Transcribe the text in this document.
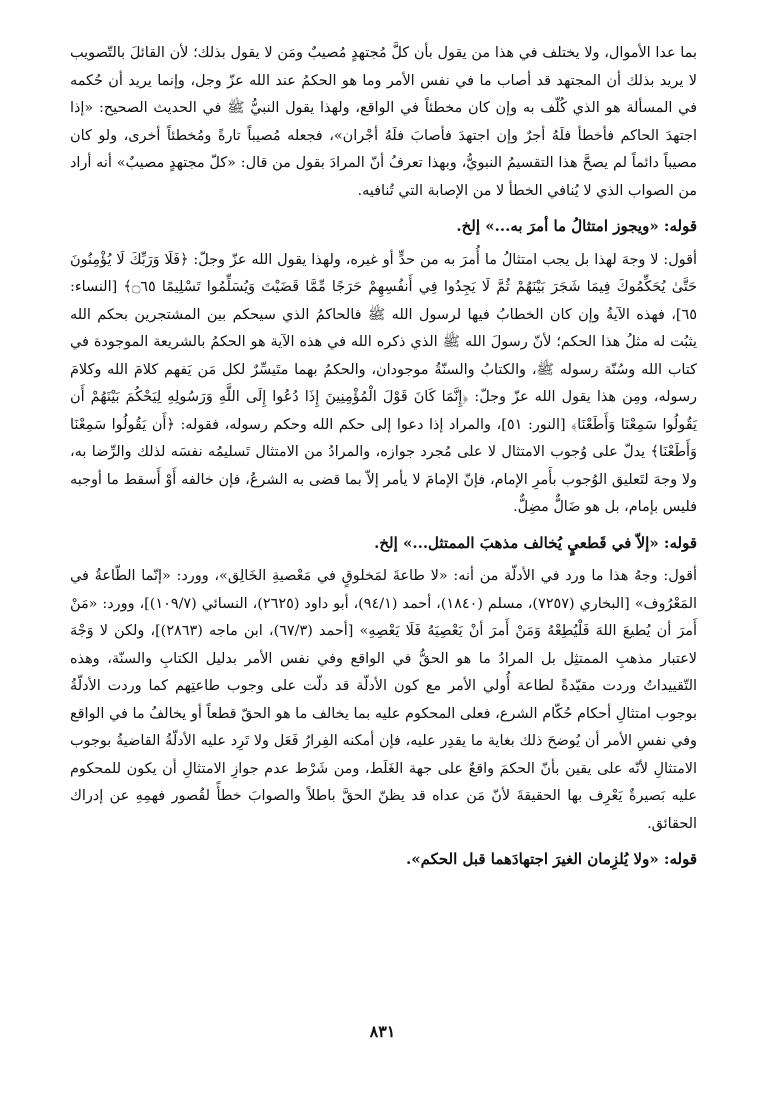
بما عدا الأموال، ولا يختلف في هذا من يقول بأن كلَّ مُجتهدٍ مُصيبٌ ومَن لا يقول بذلك؛ لأن القائلَ بالتّصويب لا يريد بذلك أن المجتهد قد أصاب ما في نفس الأمر وما هو الحكمُ عند الله عزّ وجل، وإنما يريد أن حُكمه في المسألة هو الذي كُلّف به وإن كان مخطئاً في الواقع، ولهذا يقول النبيُّ ﷺ في الحديث الصحيح: «إذا اجتهدَ الحاكم فأخطأ فلَهُ أجرٌ وإن اجتهدَ فأصابَ فلَهُ أجْران»، فجعله مُصيباً تارةً ومُخطئاً أخرى، ولو كان مصيباً دائماً لم يصحَّ هذا التقسيمُ النبويُّ، وبهذا تعرفُ أنّ المرادَ بقول من قال: «كلّ مجتهدٍ مصيبٌ» أنه أراد من الصواب الذي لا يُنافي الخطأ لا من الإصابة التي تُنافيه.

قوله: «ويجوز امتثالُ ما أمرَ به...» إلخ.

أقول: لا وجهَ لهذا بل يجب امتثالُ ما أُمرَ به من حدٍّ أو غيره، ولهذا يقول الله عزّ وجلّ: ﴿فَلَا وَرَبِّكَ لَا يُؤْمِنُونَ حَتَّىٰ يُحَكِّمُوكَ فِيمَا شَجَرَ بَيْنَهُمْ ثُمَّ لَا يَجِدُوا فِي أَنفُسِهِمْ حَرَجًا مِّمَّا قَضَيْتَ وَيُسَلِّمُوا تَسْلِيمًا ۝٦٥﴾ [النساء: ٦٥]، فهذه الآيةُ وإن كان الخطابُ فيها لرسول الله ﷺ فالحاكمُ الذي سيحكم بين المشتجرين بحكم الله يثبُت له مثلُ هذا الحكم؛ لأنّ رسولَ الله ﷺ الذي ذكره الله في هذه الآية هو الحكمُ بالشريعة الموجودة في كتاب الله وسُنّة رسوله ﷺ، والكتابُ والسنّةُ موجودان، والحكمُ بهما متَيسِّرٌ لكل مَن يَفهم كلامَ الله وكلامَ رسوله، ومِن هذا يقول الله عزّ وجلّ: ﴿إِنَّمَا كَانَ قَوْلَ الْمُؤْمِنِينَ إِذَا دُعُوا إِلَى اللَّهِ وَرَسُولِهِ لِيَحْكُمَ بَيْنَهُمْ أَن يَقُولُوا سَمِعْنَا وَأَطَعْنَا﴾ [النور: ٥١]، والمراد إذا دعوا إلى حكم الله وحكم رسوله، فقوله: ﴿أَن يَقُولُوا سَمِعْنَا وَأَطَعْنَا﴾ يدلّ على وُجوب الامتثال لا على مُجرد جوازه، والمرادُ من الامتثال تَسليمُه نفسَه لذلك والرِّضا به، ولا وجهَ لتَعليق الوُجوب بأَمرِ الإمام، فإنّ الإمامَ لا يأمر إلاّ بما قضى به الشرعُ، فإن خالفه أَوْ أَسقط ما أوجبه فليس بإمام، بل هو ضَالٌّ مضِلٌّ.

قوله: «إلاّ في قَطعيٍ يُخالف مذهبَ الممتثل...» إلخ.

أقول: وجهُ هذا ما ورد في الأدلّة من أنه: «لا طاعةَ لمَخلوقٍ في مَعْصيةِ الخَالِق»، وورد: «إنّما الطّاعةُ في المَعْرُوف» [البخاري (٧٢٥٧)، مسلم (١٨٤٠)، أحمد (٩٤/١)، أبو داود (٢٦٢٥)، النسائي (١٠٩/٧)]، وورد: «مَنْ أَمرَ أن يُطيعَ اللهَ فَلْيُطِعْهُ وَمَنْ أَمرَ أنْ يَعْصِيَهُ فَلَا يَعْصِهِ» [أحمد (٦٧/٣)، ابن ماجه (٢٨٦٣)]، ولكن لا وَجْهَ لاعتبار مذهبِ الممتثِل بل المرادُ ما هو الحقُّ في الواقع وفي نفس الأمر بدليل الكتابِ والسنّة، وهذه التّقييداتُ وردت مقيّدةً لطاعة أُولي الأمر مع كون الأدلّة قد دلّت على وجوب طاعتِهم كما وردت الأدلّةُ بوجوب امتثالِ أحكام حُكّام الشرع، فعلى المحكوم عليه بما يخالف ما هو الحقّ قطعاً أو يخالفُ ما في الواقع وفي نفسِ الأمر أن يُوضحَ ذلك بغاية ما يقدِر عليه، فإن أمكنه الفِرارُ فَعَل ولا تَرِد عليه الأدلّةُ القاضيةُ بوجوب الامتثالِ لأنّه على يقين بأنّ الحكمَ واقعٌ على جهة الغَلَط، ومن شَرْط عدم جوازِ الامتثالِ أن يكون للمحكوم عليه بَصيرةٌ يَعْرِف بها الحقيقةَ لأنّ مَن عداه قد يظنّ الحقَّ باطلاً والصوابَ خطأً لقُصور فهمِهِ عن إدراك الحقائق.

قوله: «ولا يُلزِمان الغيرَ اجتهادَهما قبل الحكم».

٨٣١
